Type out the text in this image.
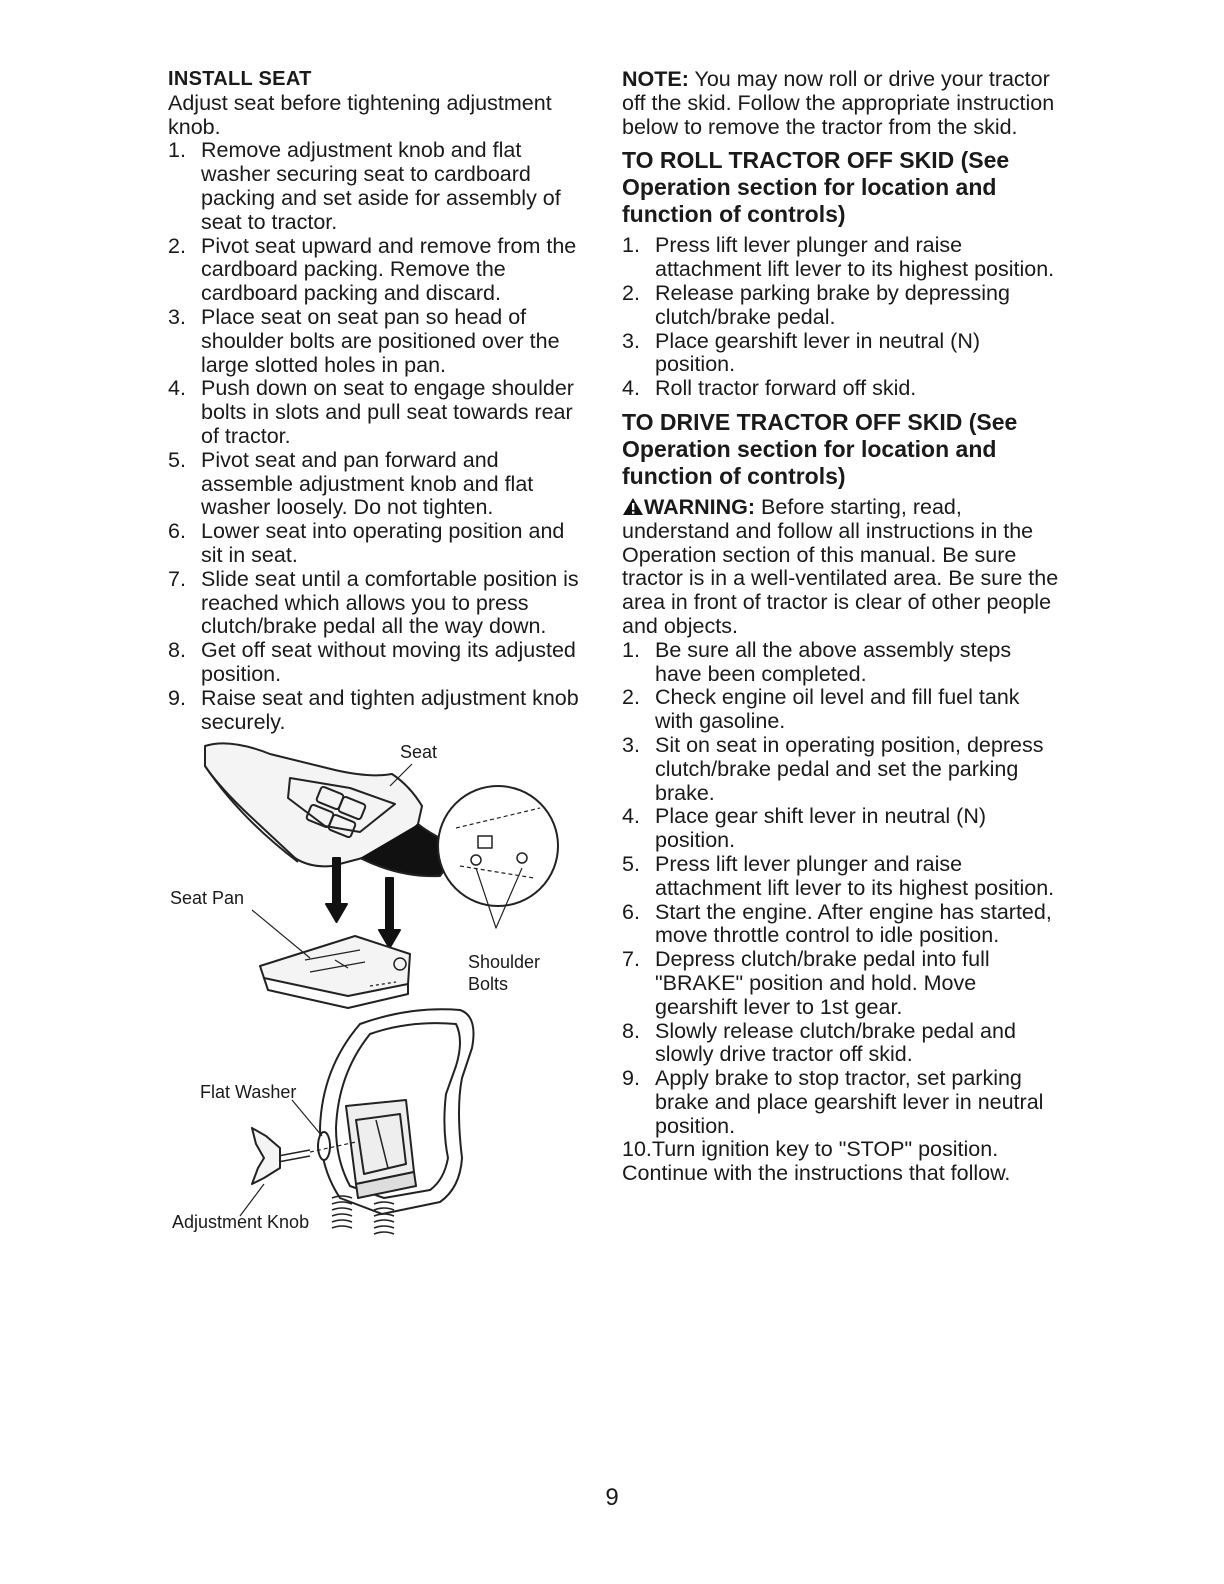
INSTALL SEAT

Adjust seat before tightening adjustment knob.

1. Remove adjustment knob and flat washer securing seat to cardboard packing and set aside for assembly of seat to tractor.
2. Pivot seat upward and remove from the cardboard packing. Remove the cardboard packing and discard.
3. Place seat on seat pan so head of shoulder bolts are positioned over the large slotted holes in pan.
4. Push down on seat to engage shoulder bolts in slots and pull seat towards rear of tractor.
5. Pivot seat and pan forward and assemble adjustment knob and flat washer loosely. Do not tighten.
6. Lower seat into operating position and sit in seat.
7. Slide seat until a comfortable position is reached which allows you to press clutch/brake pedal all the way down.
8. Get off seat without moving its adjusted position.
9. Raise seat and tighten adjustment knob securely.
Seat
Seat Pan
Shoulder
Bolts
Flat Washer
Adjustment Knob

NOTE: You may now roll or drive your tractor off the skid. Follow the appropriate instruction below to remove the tractor from the skid.

TO ROLL TRACTOR OFF SKID (See Operation section for location and function of controls)
1. Press lift lever plunger and raise attachment lift lever to its highest position.
2. Release parking brake by depressing clutch/brake pedal.
3. Place gearshift lever in neutral (N) position.
4. Roll tractor forward off skid.
TO DRIVE TRACTOR OFF SKID (See Operation section for location and function of controls)

WARNING: Before starting, read, understand and follow all instructions in the Operation section of this manual. Be sure tractor is in a well-ventilated area. Be sure the area in front of tractor is clear of other people and objects.

1. Be sure all the above assembly steps have been completed.
2. Check engine oil level and fill fuel tank with gasoline.
3. Sit on seat in operating position, depress clutch/brake pedal and set the parking brake.
4. Place gear shift lever in neutral (N) position.
5. Press lift lever plunger and raise attachment lift lever to its highest position.
6. Start the engine. After engine has started, move throttle control to idle position.
7. Depress clutch/brake pedal into full "BRAKE" position and hold. Move gearshift lever to 1st gear.
8. Slowly release clutch/brake pedal and slowly drive tractor off skid.
9. Apply brake to stop tractor, set parking brake and place gearshift lever in neutral position.

10.Turn ignition key to "STOP" position.

Continue with the instructions that follow.

9
